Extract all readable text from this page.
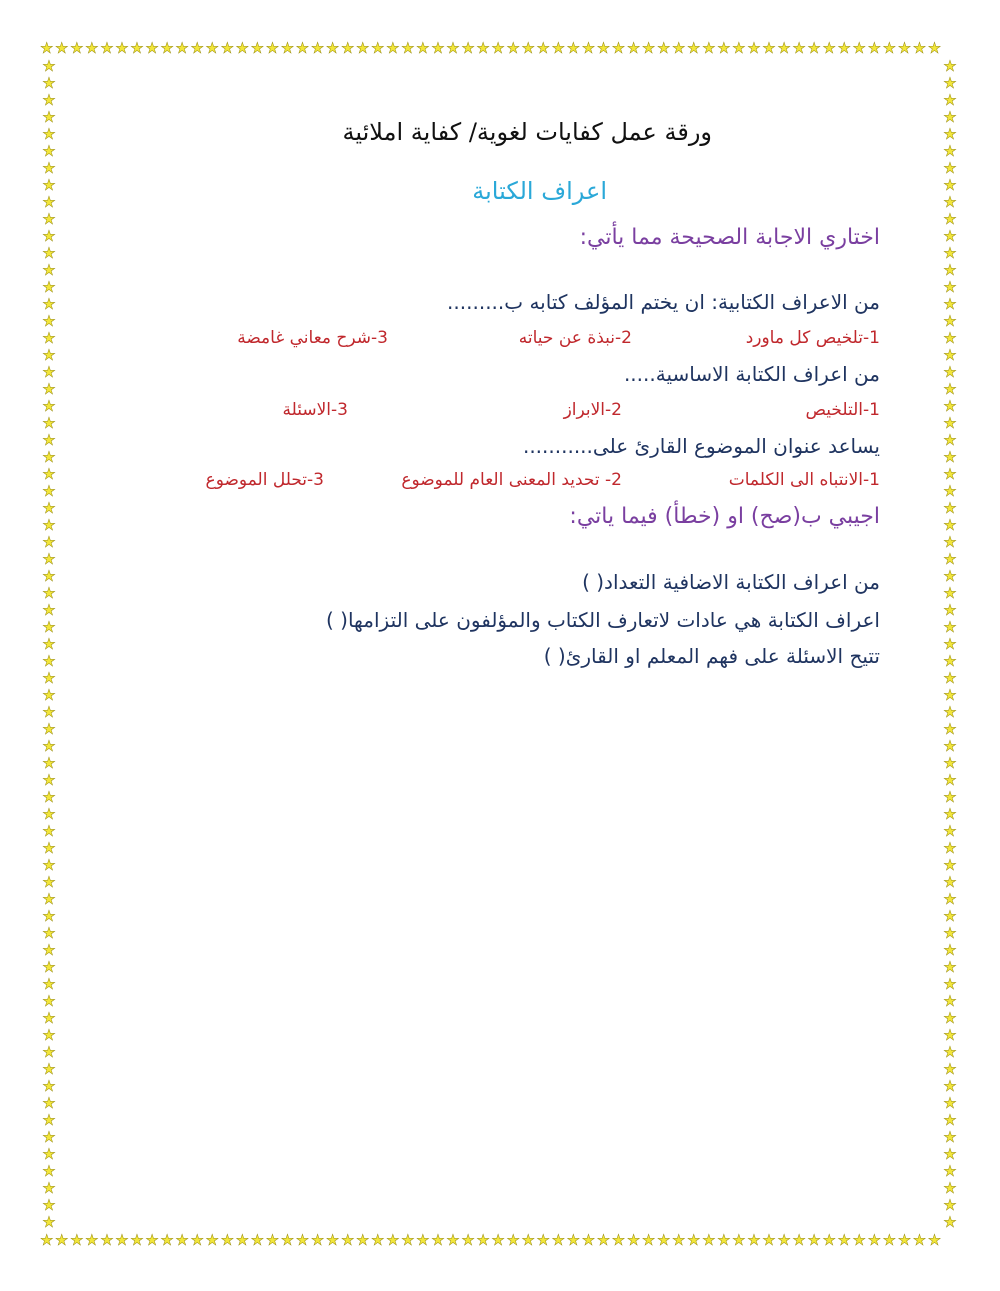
★★★★★★★★★★★★★★★★★★★★★★★★★★★★★★★★★★★★★★★★★★★★★★★★★★★★★★★★★★★★
★★★★★★★★★★★★★★★★★★★★★★★★★★★★★★★★★★★★★★★★★★★★★★★★★★★★★★★★★★★★
★★★★★★★★★★★★★★★★★★★★★★★★★★★★★★★★★★★★★★★★★★★★★★★★★★★★★★★★★★★★★★★★★★★★★
★★★★★★★★★★★★★★★★★★★★★★★★★★★★★★★★★★★★★★★★★★★★★★★★★★★★★★★★★★★★★★★★★★★★★
ورقة عمل كفايات لغوية/ كفاية املائية
اعراف الكتابة
اختاري الاجابة الصحيحة مما يأتي:
من الاعراف الكتابية: ان يختم المؤلف كتابه ب.........
1-تلخيص كل ماورد
2-نبذة عن حياته
3-شرح معاني غامضة
من اعراف الكتابة الاساسية.....
1-التلخيص
2-الابراز
3-الاسئلة
يساعد عنوان الموضوع القارئ على...........
1-الانتباه الى الكلمات
2- تحديد المعنى العام للموضوع
3-تحلل الموضوع
اجيبي ب(صح) او (خطأ) فيما ياتي:
من اعراف الكتابة الاضافية التعداد( )
اعراف الكتابة هي عادات لاتعارف الكتاب والمؤلفون على التزامها( )
تتيح الاسئلة على فهم المعلم او القارئ( )
